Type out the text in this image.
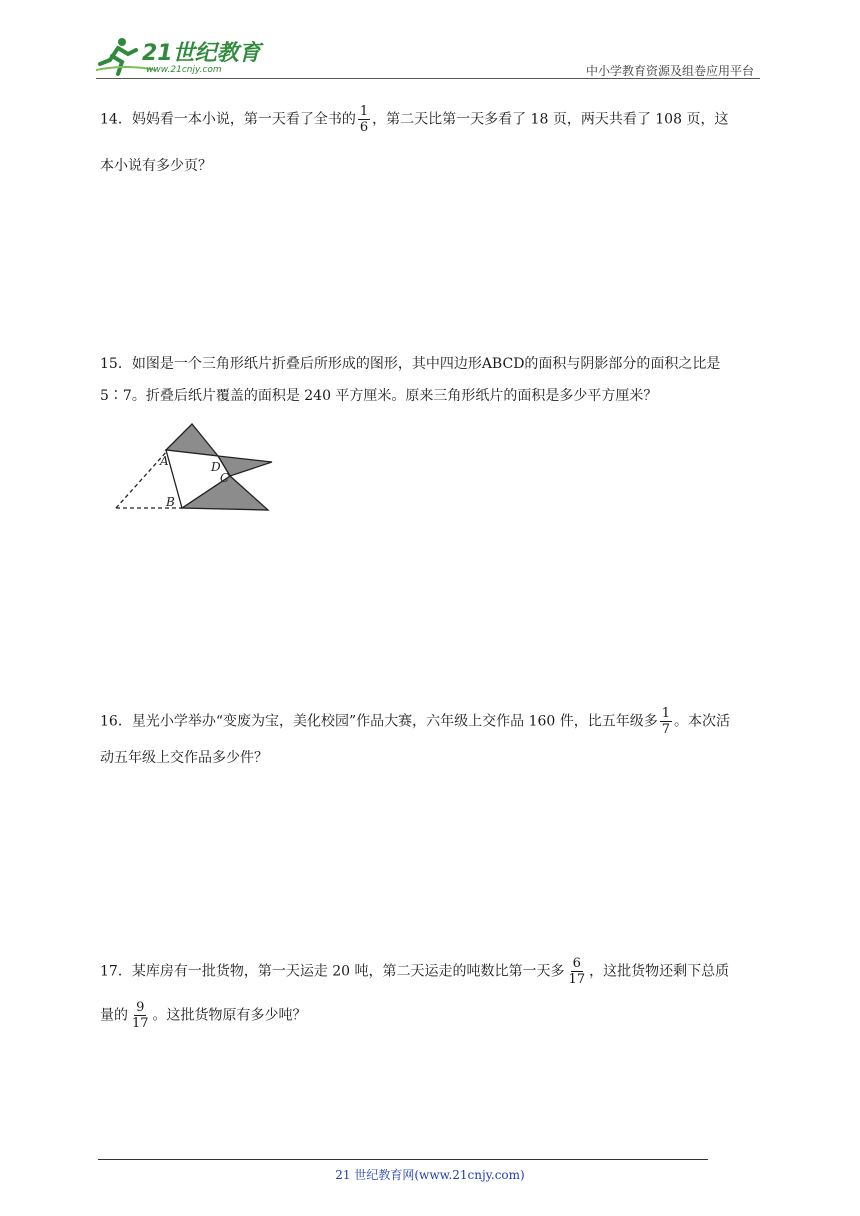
21世纪教育
www.21cnjy.com	中小学教育资源及组卷应用平台
14．妈妈看一本小说，第一天看了全书的 $\frac{1}{6}$ ，第二天比第一天多看了 18 页，两天共看了 108 页，这
本小说有多少页？
15．如图是一个三角形纸片折叠后所形成的图形，其中四边形ABCD的面积与阴影部分的面积之比是
5∶7。折叠后纸片覆盖的面积是 240 平方厘米。原来三角形纸片的面积是多少平方厘米？
A
B
C
D
16．星光小学举办“变废为宝，美化校园”作品大赛，六年级上交作品 160 件，比五年级多 $\frac{1}{7}$ 。本次活
动五年级上交作品多少件？
17．某库房有一批货物，第一天运走 20 吨，第二天运走的吨数比第一天多 $\frac{6}{17}$ ，这批货物还剩下总质
量的 $\frac{9}{17}$ 。这批货物原有多少吨？
21 世纪教育网(www.21cnjy.com)
